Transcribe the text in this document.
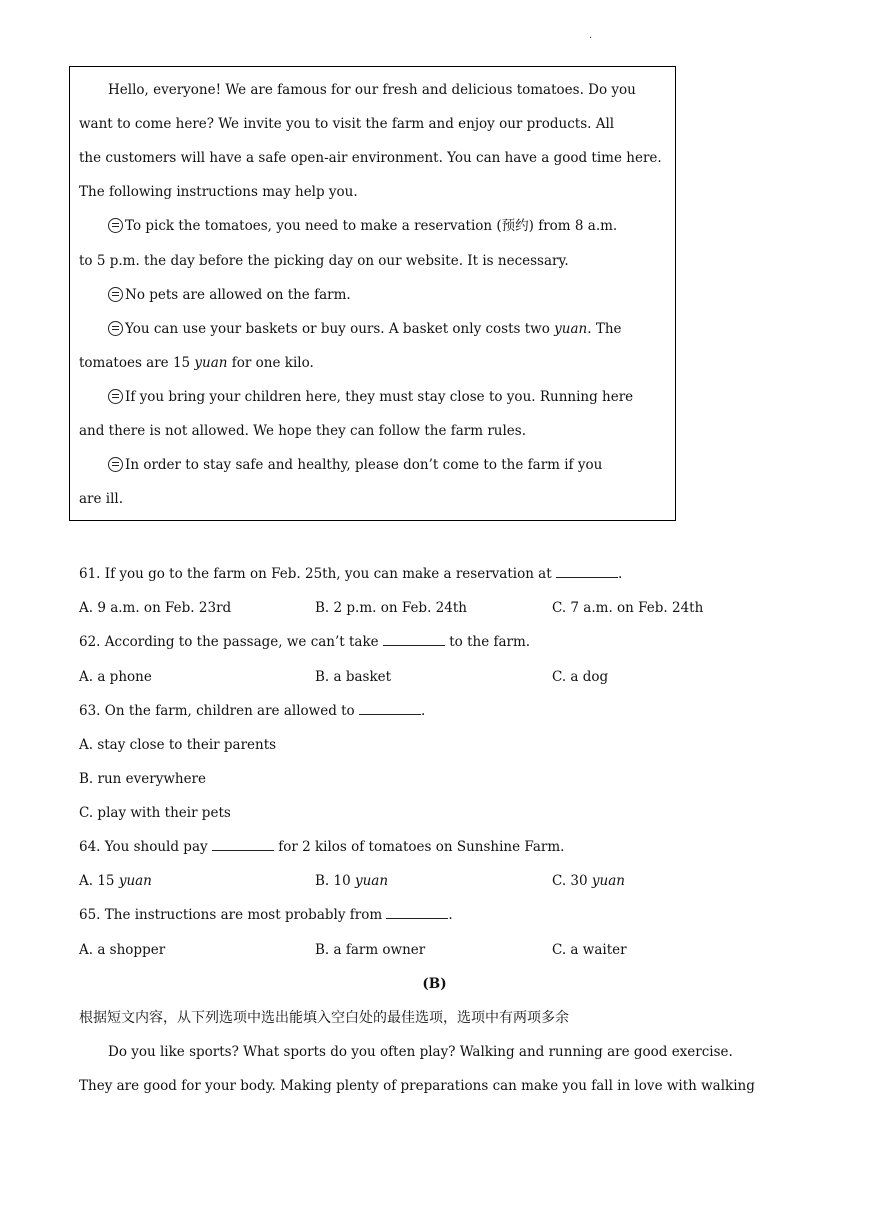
.
Hello, everyone! We are famous for our fresh and delicious tomatoes. Do you
want to come here? We invite you to visit the farm and enjoy our products. All
the customers will have a safe open-air environment. You can have a good time here.
The following instructions may help you.
To pick the tomatoes, you need to make a reservation (预约) from 8 a.m.
to 5 p.m. the day before the picking day on our website. It is necessary.
No pets are allowed on the farm.
You can use your baskets or buy ours. A basket only costs two yuan. The
tomatoes are 15 yuan for one kilo.
If you bring your children here, they must stay close to you. Running here
and there is not allowed. We hope they can follow the farm rules.
In order to stay safe and healthy, please don’t come to the farm if you
are ill.
61. If you go to the farm on Feb. 25th, you can make a reservation at	.
A. 9 a.m. on Feb. 23rd	B. 2 p.m. on Feb. 24th	C. 7 a.m. on Feb. 24th
62. According to the passage, we can’t take	to the farm.
A. a phone	B. a basket	C. a dog
63. On the farm, children are allowed to	.
A. stay close to their parents
B. run everywhere
C. play with their pets
64. You should pay	for 2 kilos of tomatoes on Sunshine Farm.
A. 15 yuan	B. 10 yuan	C. 30 yuan
65. The instructions are most probably from	.
A. a shopper	B. a farm owner	C. a waiter
(B)
根据短文内容，从下列选项中选出能填入空白处的最佳选项，选项中有两项多余
Do you like sports? What sports do you often play? Walking and running are good exercise.
They are good for your body. Making plenty of preparations can make you fall in love with walking
